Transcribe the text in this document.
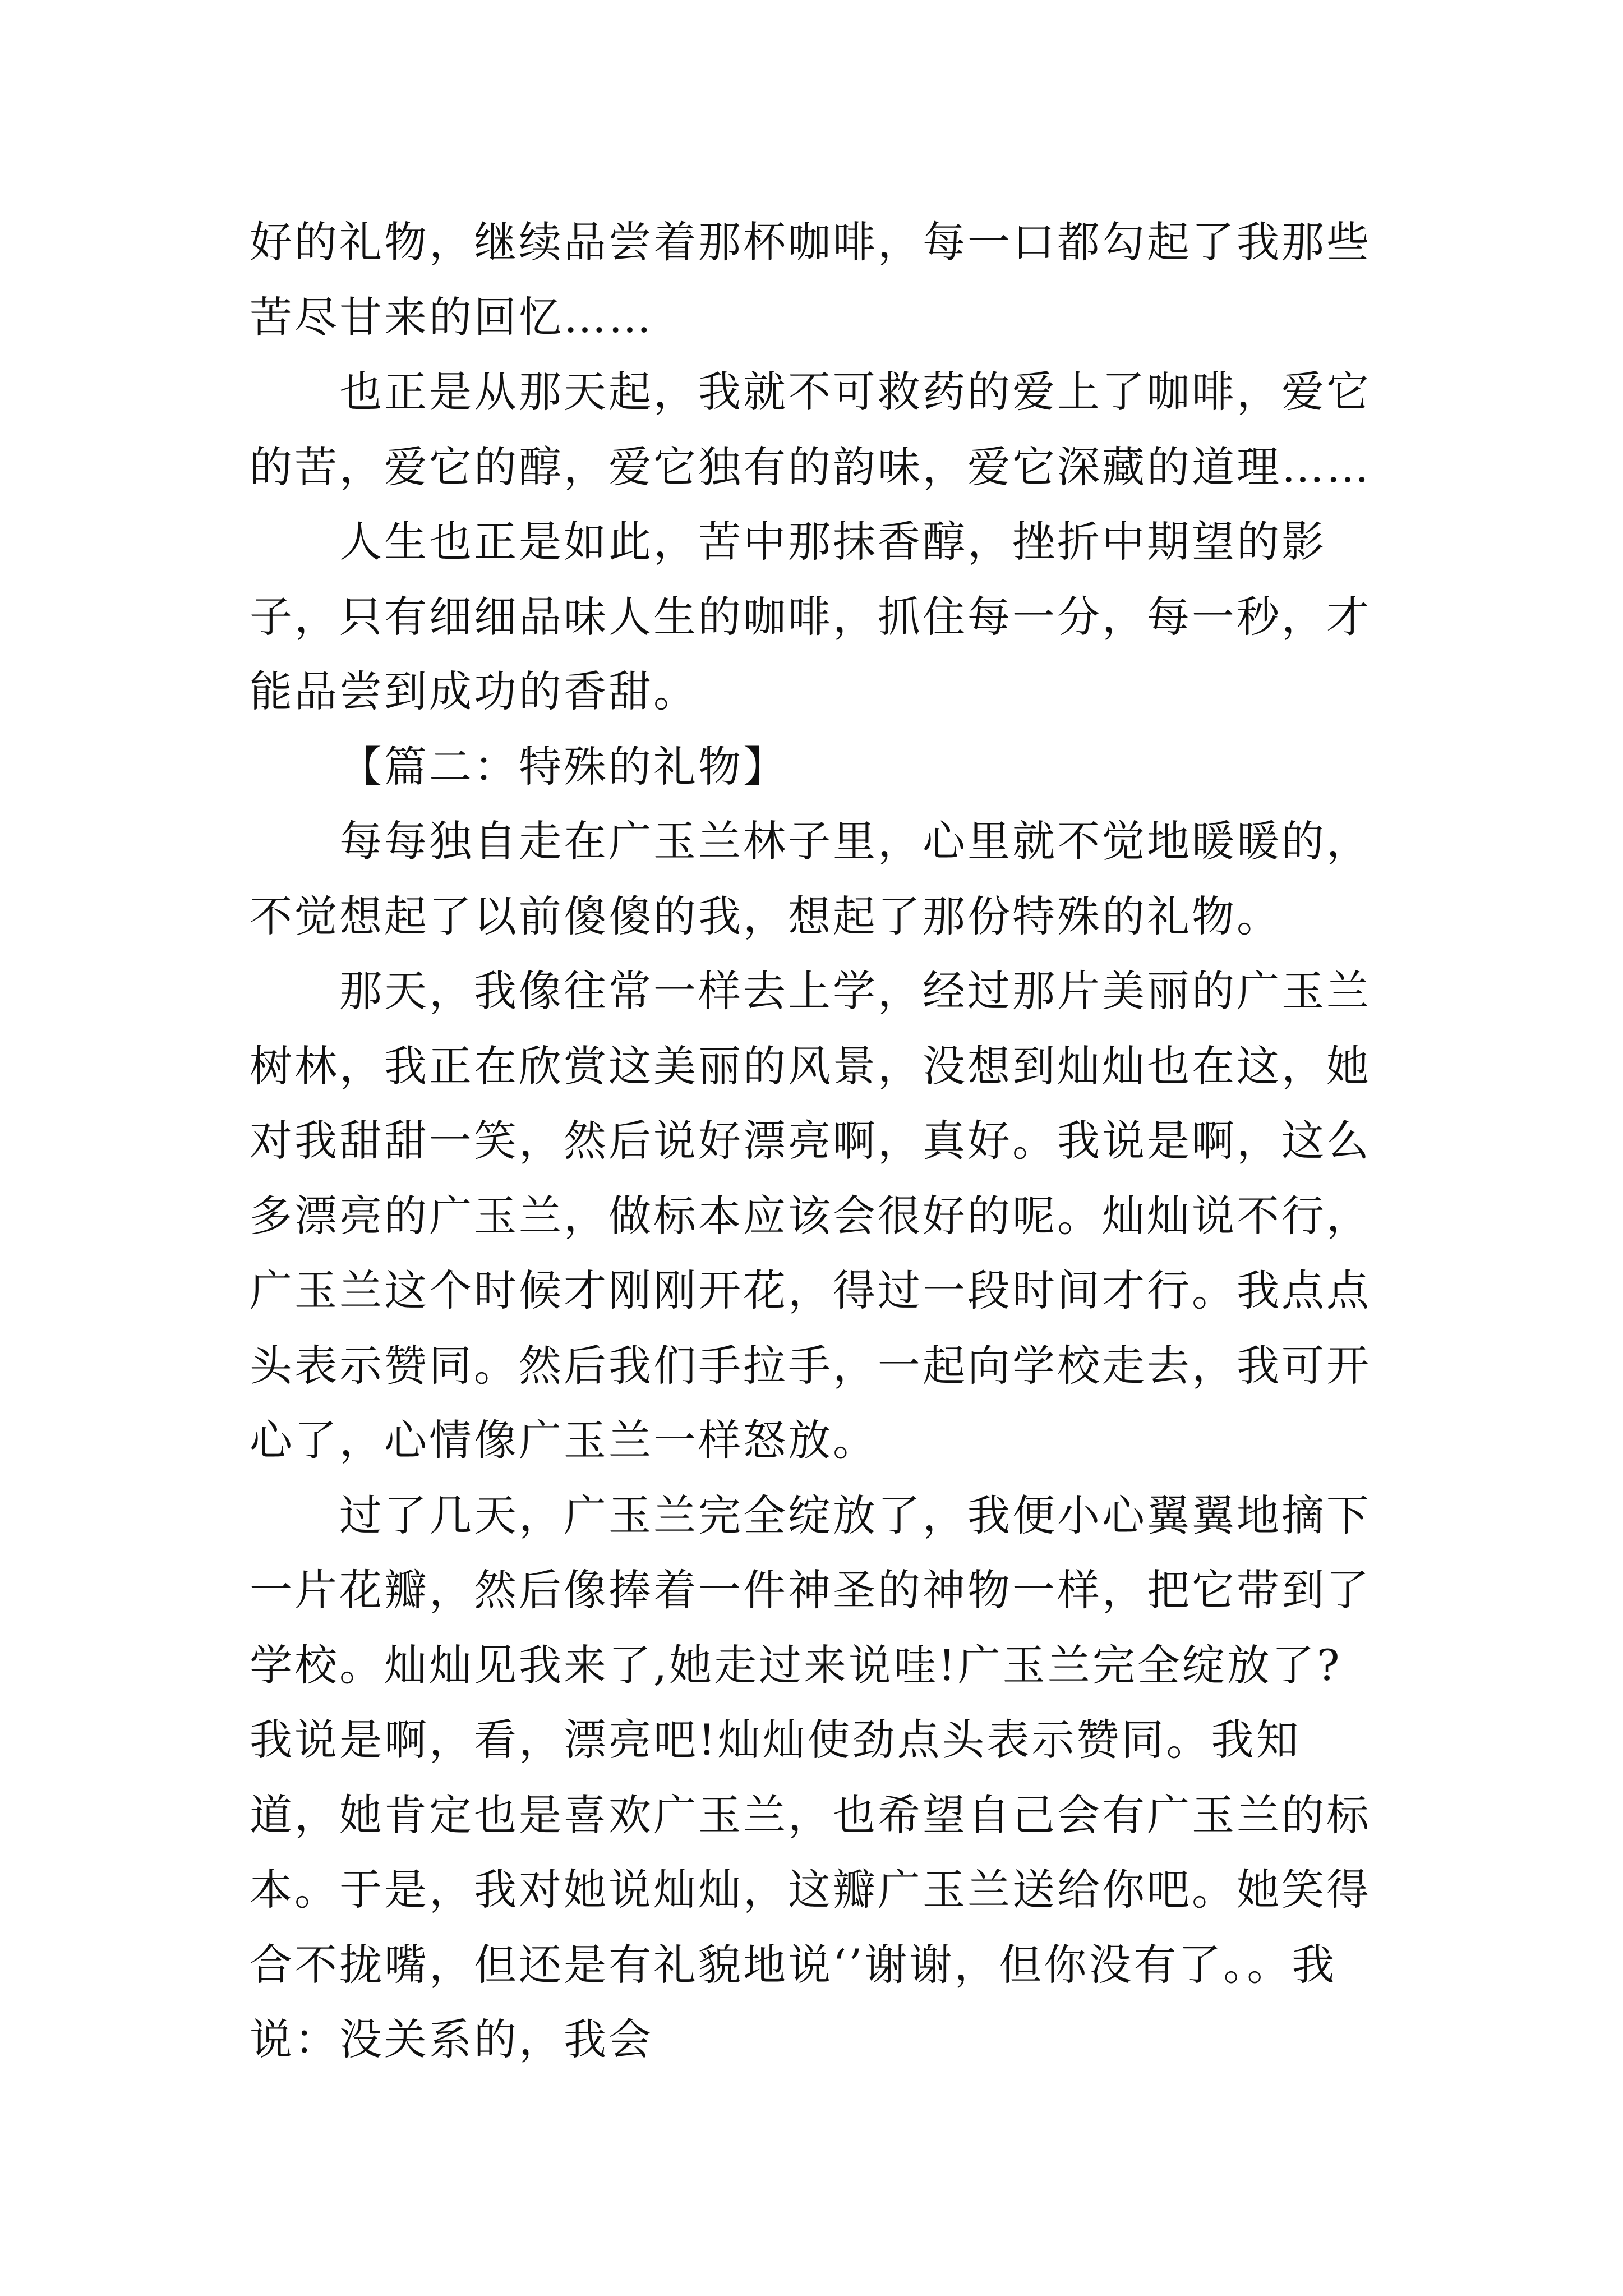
好的礼物，继续品尝着那杯咖啡，每一口都勾起了我那些苦尽甘来的回忆……

也正是从那天起，我就不可救药的爱上了咖啡，爱它的苦，爱它的醇，爱它独有的韵味，爱它深藏的道理……

人生也正是如此，苦中那抹香醇，挫折中期望的影子，只有细细品味人生的咖啡，抓住每一分，每一秒，才能品尝到成功的香甜。

【篇二：特殊的礼物】

每每独自走在广玉兰林子里，心里就不觉地暖暖的，不觉想起了以前傻傻的我，想起了那份特殊的礼物。

那天，我像往常一样去上学，经过那片美丽的广玉兰树林，我正在欣赏这美丽的风景，没想到灿灿也在这，她对我甜甜一笑，然后说好漂亮啊，真好。我说是啊，这么多漂亮的广玉兰，做标本应该会很好的呢。灿灿说不行，广玉兰这个时候才刚刚开花，得过一段时间才行。我点点头表示赞同。然后我们手拉手，一起向学校走去，我可开心了，心情像广玉兰一样怒放。

过了几天，广玉兰完全绽放了，我便小心翼翼地摘下一片花瓣，然后像捧着一件神圣的神物一样，把它带到了学校。灿灿见我来了,她走过来说哇!广玉兰完全绽放了?我说是啊，看，漂亮吧!灿灿使劲点头表示赞同。我知道，她肯定也是喜欢广玉兰，也希望自己会有广玉兰的标本。于是，我对她说灿灿，这瓣广玉兰送给你吧。她笑得合不拢嘴，但还是有礼貌地说‘’谢谢，但你没有了。。我说：没关系的，我会
